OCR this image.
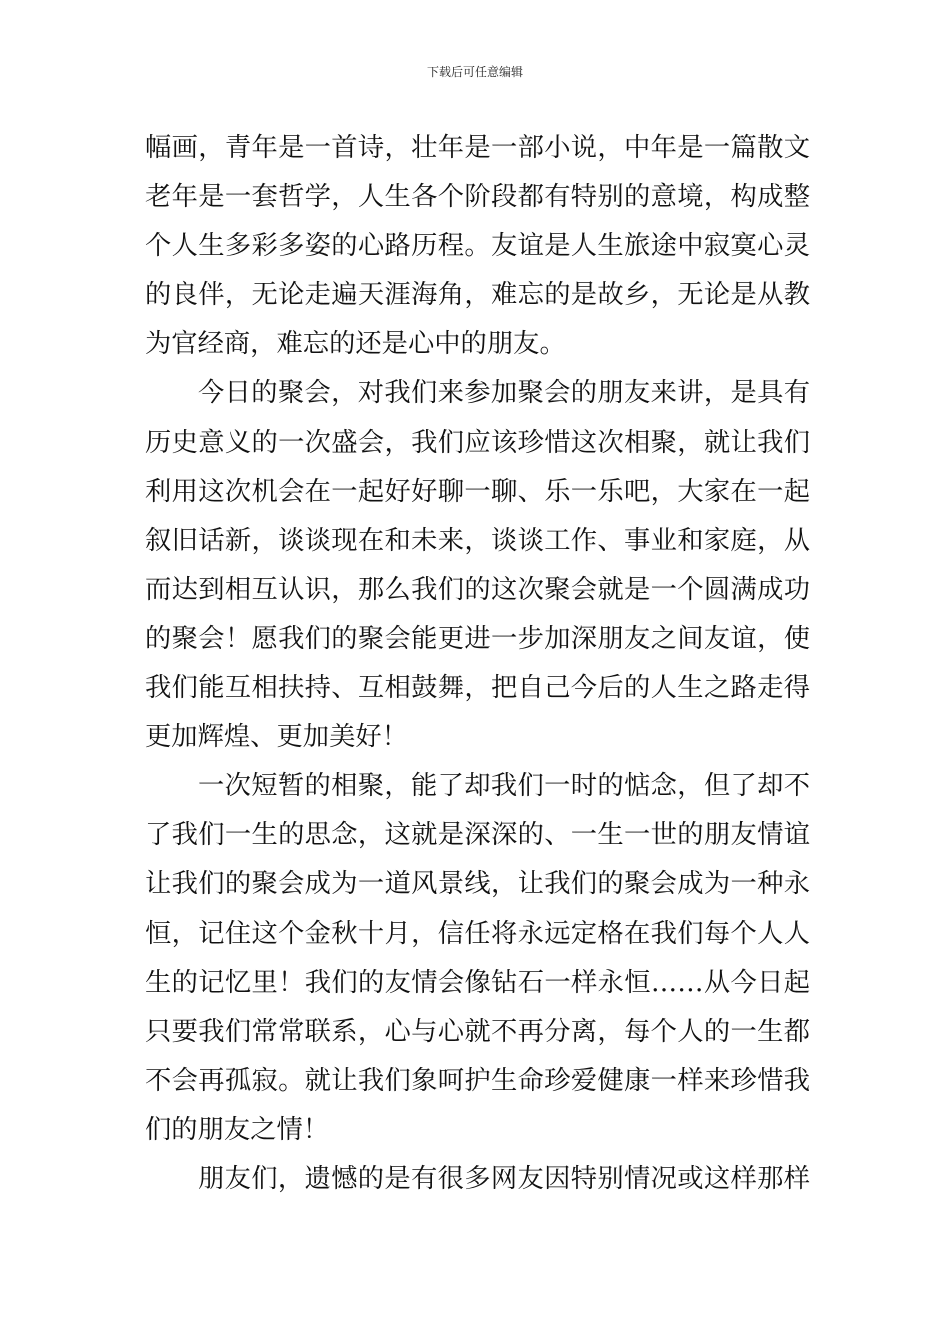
下载后可任意编辑
幅画，青年是一首诗，壮年是一部小说，中年是一篇散文
老年是一套哲学，人生各个阶段都有特别的意境，构成整
个人生多彩多姿的心路历程。友谊是人生旅途中寂寞心灵
的良伴，无论走遍天涯海角，难忘的是故乡，无论是从教
为官经商，难忘的还是心中的朋友。
今日的聚会，对我们来参加聚会的朋友来讲，是具有
历史意义的一次盛会，我们应该珍惜这次相聚，就让我们
利用这次机会在一起好好聊一聊、乐一乐吧，大家在一起
叙旧话新，谈谈现在和未来，谈谈工作、事业和家庭，从
而达到相互认识，那么我们的这次聚会就是一个圆满成功
的聚会！愿我们的聚会能更进一步加深朋友之间友谊，使
我们能互相扶持、互相鼓舞，把自己今后的人生之路走得
更加辉煌、更加美好！
一次短暂的相聚，能了却我们一时的惦念，但了却不
了我们一生的思念，这就是深深的、一生一世的朋友情谊
让我们的聚会成为一道风景线，让我们的聚会成为一种永
恒，记住这个金秋十月，信任将永远定格在我们每个人人
生的记忆里！我们的友情会像钻石一样永恒……从今日起
只要我们常常联系，心与心就不再分离，每个人的一生都
不会再孤寂。就让我们象呵护生命珍爱健康一样来珍惜我
们的朋友之情！
朋友们，遗憾的是有很多网友因特别情况或这样那样
